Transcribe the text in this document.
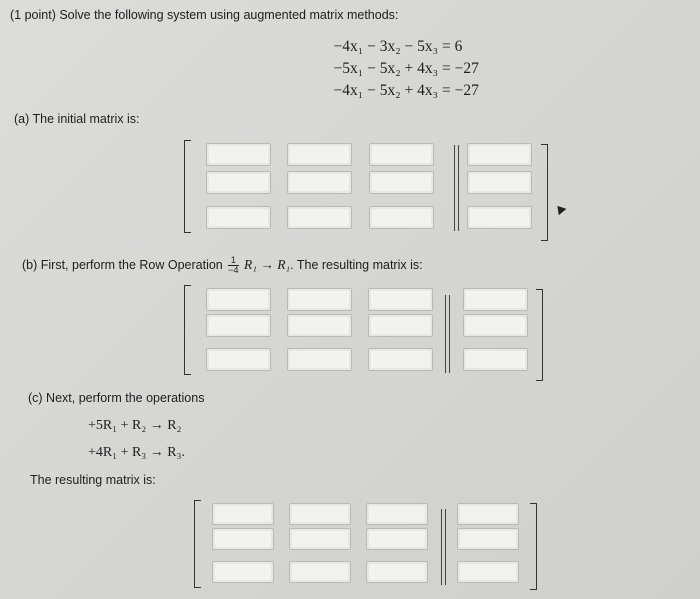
(1 point) Solve the following system using augmented matrix methods:
−4x₁ − 3x₂ − 5x₃ = 6
−5x₁ − 5x₂ + 4x₃ = −27
−4x₁ − 5x₂ + 4x₃ = −27
(a) The initial matrix is:
(b) First, perform the Row Operation $\frac{1}{-4} R_1 \to R_1$. The resulting matrix is:
(c) Next, perform the operations
+5R₁ + R₂ → R₂
+4R₁ + R₃ → R₃.
The resulting matrix is:
